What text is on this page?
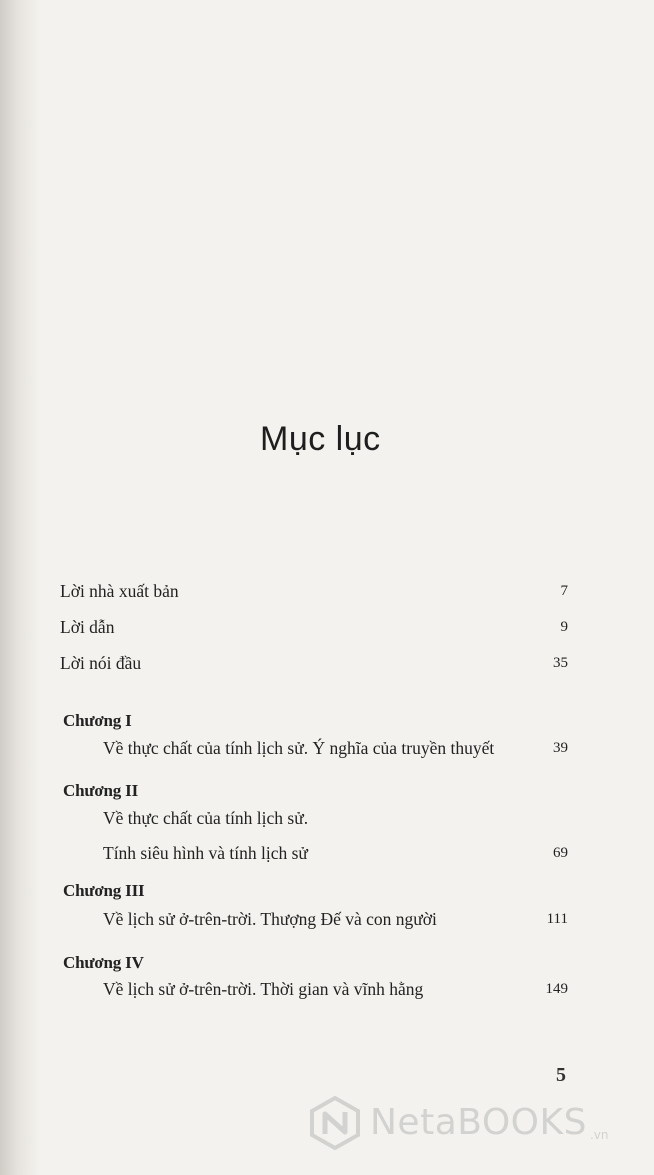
Mục lục
Lời nhà xuất bản	7
Lời dẫn	9
Lời nói đầu	35
Chương I
Về thực chất của tính lịch sử. Ý nghĩa của truyền thuyết	39
Chương II
Về thực chất của tính lịch sử.
Tính siêu hình và tính lịch sử	69
Chương III
Về lịch sử ở-trên-trời. Thượng Đế và con người	111
Chương IV
Về lịch sử ở-trên-trời. Thời gian và vĩnh hằng	149
5
NetaBOOKS .vn
